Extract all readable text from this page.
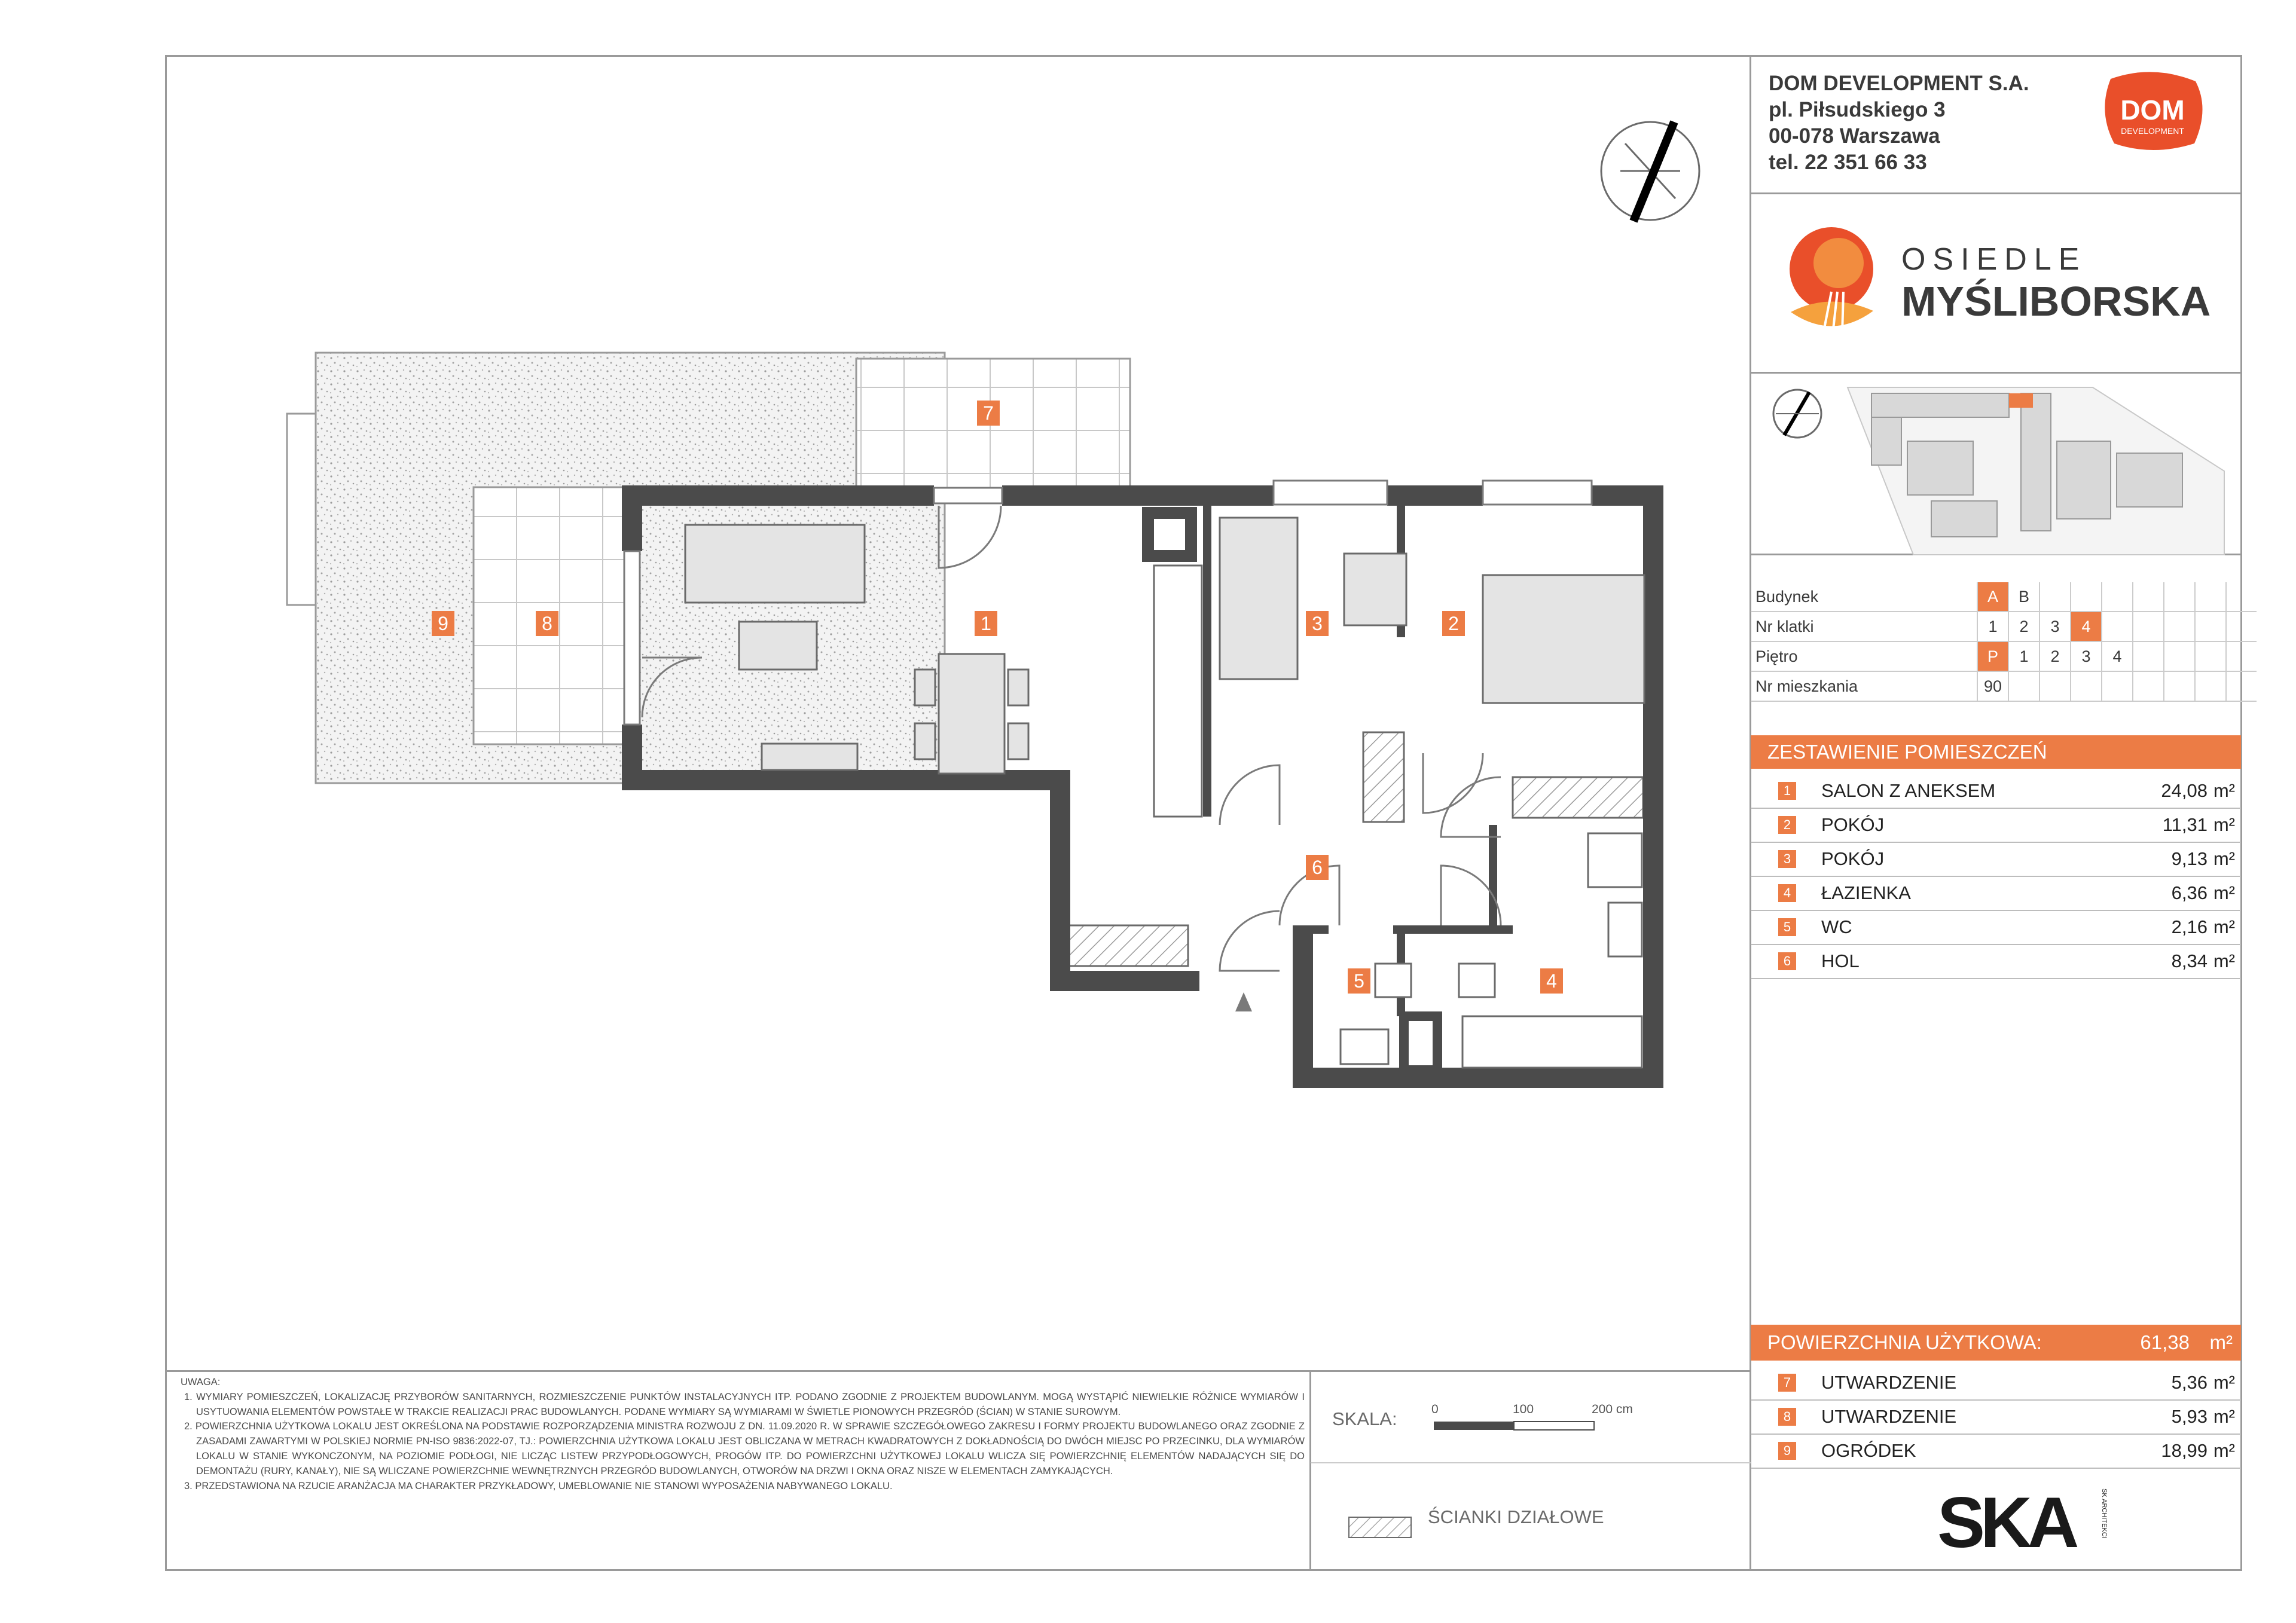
1	2
3
4
5
6
7
8
9
DOM DEVELOPMENT S.A.
pl. Piłsudskiego 3
00-078 Warszawa
tel. 22 351 66 33
DOM
DEVELOPMENT
OSIEDLE
MYŚLIBORSKA
Budynek	A	B							
Nr klatki	1	2	3	4					
Piętro	P	1	2	3	4				
Nr mieszkania	90								
ZESTAWIENIE POMIESZCZEŃ
1 SALON Z ANEKSEM	24,08 m²
2 POKÓJ	11,31 m²
3 POKÓJ	9,13 m²
4 ŁAZIENKA	6,36 m²
5 WC	2,16 m²
6 HOL	8,34 m²
POWIERZCHNIA UŻYTKOWA:	61,38 m²
7 UTWARDZENIE	5,36 m²
8 UTWARDZENIE	5,93 m²
9 OGRÓDEK	18,99 m²
UWAGA:

1. WYMIARY POMIESZCZEŃ, LOKALIZACJĘ PRZYBORÓW SANITARNYCH, ROZMIESZCZENIE PUNKTÓW INSTALACYJNYCH ITP. PODANO ZGODNIE Z PROJEKTEM BUDOWLANYM. MOGĄ WYSTĄPIĆ NIEWIELKIE RÓŻNICE WYMIARÓW I USYTUOWANIA ELEMENTÓW POWSTAŁE W TRAKCIE REALIZACJI PRAC BUDOWLANYCH. PODANE WYMIARY SĄ WYMIARAMI W ŚWIETLE PIONOWYCH PRZEGRÓD (ŚCIAN) W STANIE SUROWYM.

2. POWIERZCHNIA UŻYTKOWA LOKALU JEST OKREŚLONA NA PODSTAWIE ROZPORZĄDZENIA MINISTRA ROZWOJU Z DN. 11.09.2020 R. W SPRAWIE SZCZEGÓŁOWEGO ZAKRESU I FORMY PROJEKTU BUDOWLANEGO ORAZ ZGODNIE Z ZASADAMI ZAWARTYMI W POLSKIEJ NORMIE PN-ISO 9836:2022-07, TJ.: POWIERZCHNIA UŻYTKOWA LOKALU JEST OBLICZANA W METRACH KWADRATOWYCH Z DOKŁADNOŚCIĄ DO DWÓCH MIEJSC PO PRZECINKU, DLA WYMIARÓW LOKALU W STANIE WYKONCZONYM, NA POZIOMIE PODŁOGI, NIE LICZĄC LISTEW PRZYPODŁOGOWYCH, PROGÓW ITP. DO POWIERZCHNI UŻYTKOWEJ LOKALU WLICZA SIĘ POWIERZCHNIĘ ELEMENTÓW NADAJĄCYCH SIĘ DO DEMONTAŻU (RURY, KANAŁY), NIE SĄ WLICZANE POWIERZCHNIE WEWNĘTRZNYCH PRZEGRÓD BUDOWLANYCH, OTWORÓW NA DRZWI I OKNA ORAZ NISZE W ELEMENTACH ZAMYKAJĄCYCH.

3. PRZEDSTAWIONA NA RZUCIE ARANŻACJA MA CHARAKTER PRZYKŁADOWY, UMEBLOWANIE NIE STANOWI WYPOSAŻENIA NABYWANEGO LOKALU.

SKALA:	0	100	200 cm
ŚCIANKI DZIAŁOWE	SKA	SK ARCHITEKCI
